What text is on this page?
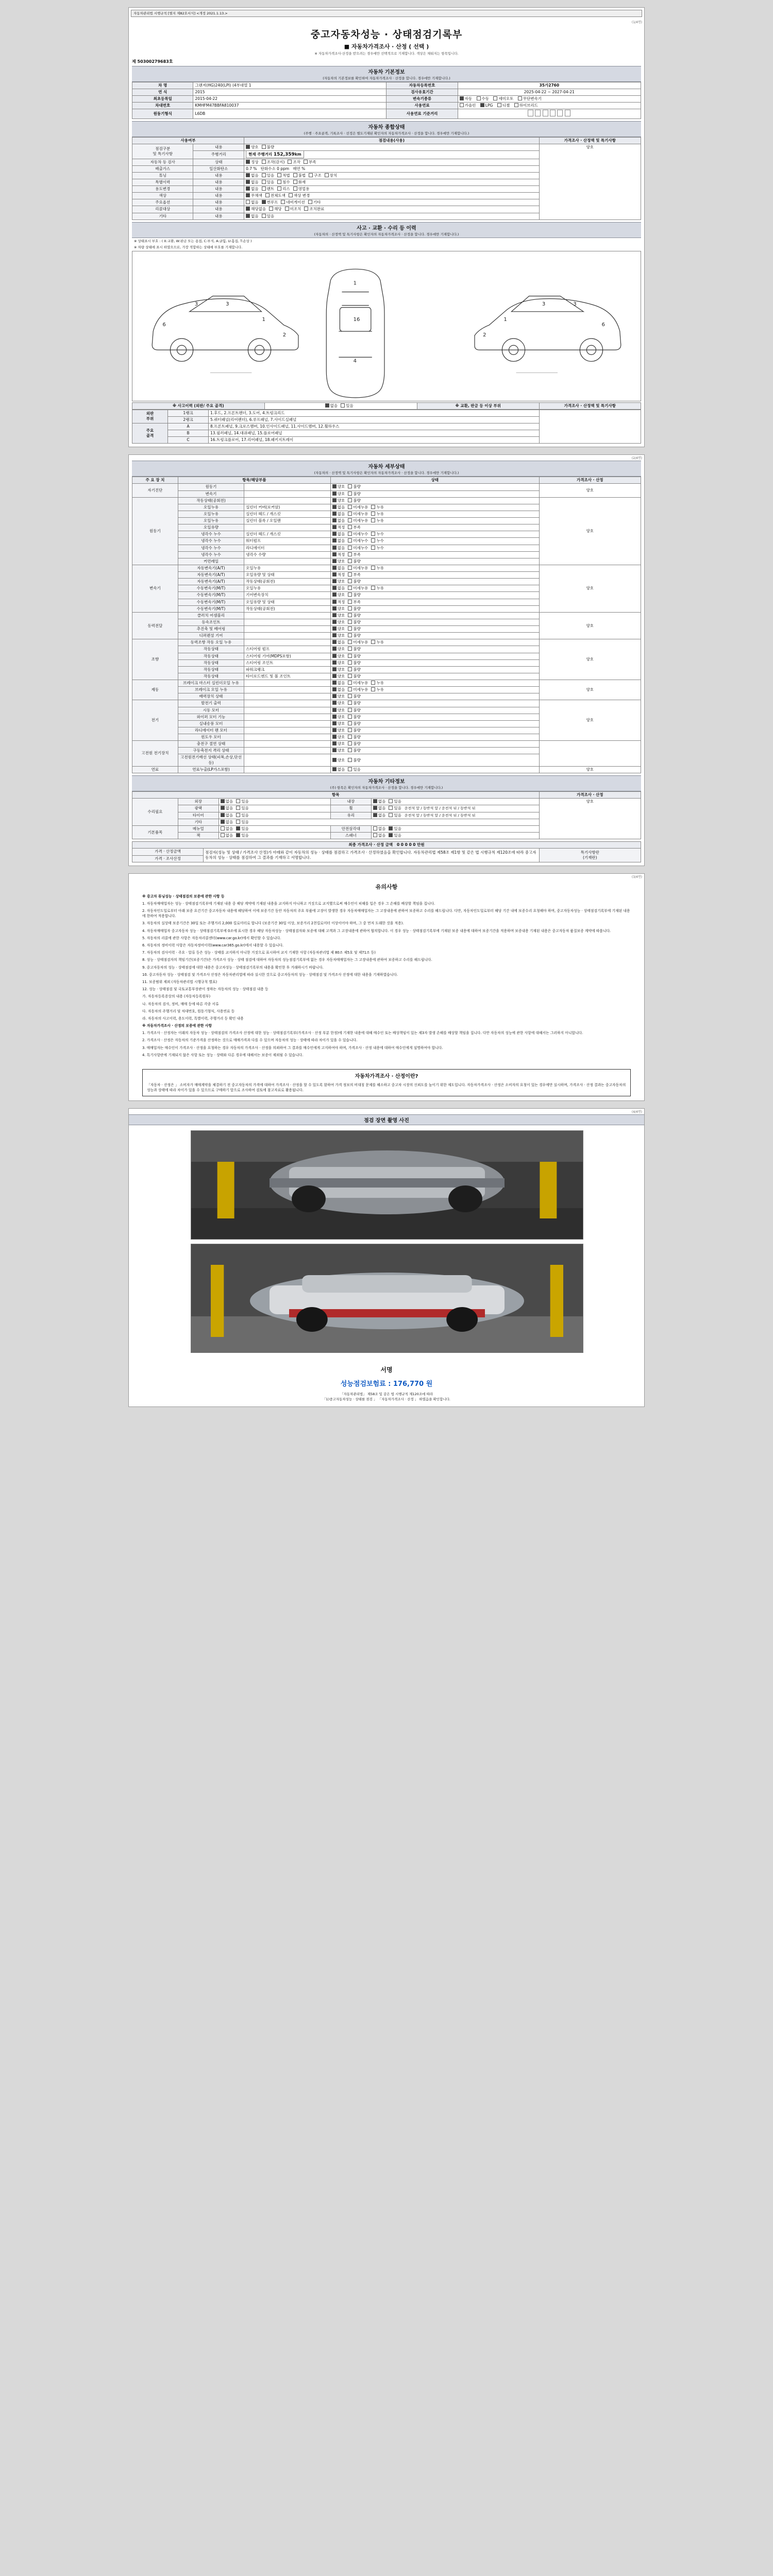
자동차관리법 시행규칙 [별지 제82호서식] <개정 2021.1.13.>
(1/4면)
중고자동차성능 · 상태점검기록부
■ 자동차가격조사 · 산정 ( 선택 )
※ 자동차가격조사·산정을 받으려는 경우에만 선택적으로 기재합니다. 색상은 채워지는 항목입니다.
제 50300279683호
자동차 기본정보
(자동차의 기본정보를 확인하여 자동차가격조사 · 산정을 합니다. 경우에만 기재합니다.)
차 명	그랜저(HG)240(LPI) (4부대열 1	자동차등록번호	35가2760
연 식	2015	검사유효기간	2025-04-22 ~ 2027-04-21
최초등록일	2015-04-22	변속기종류	자동 수동 세미오토 무단변속기
차대번호	KMHFM47BBFA810037	사용연료	가솔린 LPG 디젤 하이브리드
원동기형식	L6DB	사용연료 기준거리	
자동차 종합상태
(주행 · 주요골격, 기록조사 · 선정은 별도기재된 확인자의 자동차가격조사 · 산정을 합니다. 경우에만 기재합니다.)
사용여부		점검내용(사용)	가격조사 · 산정액 및 특기사항
점검구분
및 특기사항	내용	양호 불량	양호
	주행거리	현재 주행거리 152,359km	
자동차 등 검사	상태	정상 조작(감지) 조작 부족	
배출가스	일산화탄소	0.7 %   탄화수소 0 ppm   매연 %	
튜닝	내용	없음 있음 적법 불법 구조 장치	
특별이력	내용	없음 있음 침수 화재	
용도변경	내용	없음 렌트 리스 영업용	
색상	내용	무채색 전체도색 색상 변경	
주요옵션	내용	없음 썬루프 네비게이션 기타	
리콜대상	내용	해당없음 해당 미조치 조치완료	
기타	내용	없음 있음	
사고 · 교환 · 수리 등 이력
(자동차의 · 산정액 및 특기사항은 확인자의 자동차가격조사 · 산정을 합니다. 경우에만 기재합니다.)
※ 상태표시 부호 : ( X:교환, W:판금 또는 용접, C:부식, A:긁힘, U:흠집, T:손상 )
※ 차량 상태에 표시 하였으므로, 가장 적합하는 상태에 부호를 기재합니다.
6
3	3
1
2
1
16
4
6
3
3
1
2
※ 사고이력 (외판/ 주요 골격)	없음 있음	※ 교환, 판금 등 이상 부위	가격조사 · 산정액 및 특기사항
외판
부위	1랭크	1.후드, 2.프론트펜더, 3.도어, 4.트렁크리드	
	2랭크	5.쿼터패널(리어펜더), 6.루프패널, 7.사이드실패널	
주요
골격	A	8.프론트패널, 9.크로스멤버, 10.인사이드패널, 11.사이드멤버, 12.휠하우스	
	B	13.필러패널, 14.대쉬패널, 15.플로어패널	
	C	16.트렁크플로어, 17.리어패널, 18.패키지트레이	
(2/4면)
자동차 세부상태
(자동차의 · 산정액 및 특기사항은 확인자의 자동차가격조사 · 산정을 합니다. 경우에만 기재합니다.)
주 요 장 치	항목/해당부품		상태	가격조사 · 산정
자기진단	원동기		양호 불량	양호
	변속기		양호 불량	
원동기	작동상태(공회전)		양호 불량	양호
	오일누유	실린더 커버(로커암)	없음 미세누유 누유	
	오일누유	실린더 헤드 / 개스킷	없음 미세누유 누유	
	오일누유	실린더 블록 / 오일팬	없음 미세누유 누유	
	오일유량		적정 부족	
	냉각수 누수	실린더 헤드 / 개스킷	없음 미세누수 누수	
	냉각수 누수	워터펌프	없음 미세누수 누수	
	냉각수 누수	라디에이터	없음 미세누수 누수	
	냉각수 누수	냉각수 수량	적정 부족	
	커먼레일		양호 불량	
변속기	자동변속기(A/T)	오일누유	없음 미세누유 누유	양호
	자동변속기(A/T)	오일유량 및 상태	적정 부족	
	자동변속기(A/T)	작동상태(공회전)	양호 불량	
	수동변속기(M/T)	오일누유	없음 미세누유 누유	
	수동변속기(M/T)	기어변속장치	양호 불량	
	수동변속기(M/T)	오일유량 및 상태	적정 부족	
	수동변속기(M/T)	작동상태(공회전)	양호 불량	
동력전달	클러치 어셈블리		양호 불량	양호
	등속조인트		양호 불량	
	추진축 및 베어링		양호 불량	
	디퍼렌셜 기어		양호 불량	
조향	동력조향 작동 오일 누유		없음 미세누유 누유	양호
	작동상태	스티어링 펌프	양호 불량	
	작동상태	스티어링 기어(MDPS포함)	양호 불량	
	작동상태	스티어링 조인트	양호 불량	
	작동상태	파워크랭크	양호 불량	
	작동상태	타이로드엔드 및 볼 조인트	양호 불량	
제동	브레이크 마스터 실린더오일 누유		없음 미세누유 누유	양호
	브레이크 오일 누유		없음 미세누유 누유	
	배력장치 상태		양호 불량	
전기	발전기 출력		양호 불량	양호
	시동 모터		양호 불량	
	와이퍼 모터 기능		양호 불량	
	실내송풍 모터		양호 불량	
	라디에이터 팬 모터		양호 불량	
	윈도우 모터		양호 불량	
고전원 전기장치	충전구 절연 상태		양호 불량	
	구동축전지 격리 상태		양호 불량	
	고전원전기배선 상태(피복,손상,단선 등)		양호 불량	
연료	연료누출(LP가스포함)		없음 있음	양호
자동차 기타정보
(주) 항목은 확인자의 자동차가격조사 · 산정을 합니다. 경우에만 기재합니다.)
항목					가격조사 · 산정
수리필요	외장	없음 있음	내장	없음 있음	양호
	광택	없음 있음	휠	없음 있음 운전석 앞 / 동반석 앞 / 운전석 뒤 / 동반석 뒤	
	타이어	없음 있음	유리	없음 있음 운전석 앞 / 동반석 앞 / 운전석 뒤 / 동반석 뒤	
	기타	없음 있음			
기본품목	메뉴얼	없음 있음	안전삼각대	없음 있음	
	잭	없음 있음	스패너	없음 있음	
최종 가격조사 · 산정 금액 0 0 0 0 0 만원
가격 · 산정금액	점검자(성능 및 상태 / 가격조사 산정)가 아래와 같이 자동차의 성능 · 상태를 점검하고 가격조사 · 산정하였음을 확인합니다. 자동차관리법 제58조 제1항 및 같은 법 시행규칙 제120조에 따라 중고자동차의 성능 · 상태를 점검하여 그 결과를 기재하고 서명합니다.	특기사항란
(기재란)
가격 · 조사산정
(3/4면)
유의사항

※ 중고차 튜닝성능 · 상태점검의 보증에 관한 사항 등

1. 자동차매매업자는 성능 · 상태점검기록부에 기재된 내용 중 해당 계약에 기재된 내용을 교지하지 아니하고 거짓으로 교지했으로써 매수인이 피해를 입은 경우 그 손해를 배상할 책임을 집니다.

2. 자동차인도일로부터 아래 보증 요건기간 중고자동차 내용에 해당하여 이에 보증기간 동안 자동차의 주요 부품에 고장이 발생한 경우 자동차매매업자는 그 고장내용에 관하여 보증하고 수리를 해드립니다. 다만, 자동차인도일로부터 해당 기간 내에 보증수리 요청해야 하며, 중고자동차성능 · 상태점검기록부에 기재된 내용에 한하여 적용합니다.

3. 자동차의 실상태 보증기간은 30일 또는 주행거리 2,000 킬로미터로 합니다 (보증기간 30일 이상, 보증거리 2천킬로미터 이상이어야 하며, 그 중 먼저 도래한 것을 적용).

4. 자동차매매업자 중고자동차 성능 · 상태점검기록부에 0조에 표시한 경우 해당 자동차성능 · 상태점검자와 보증에 대해 고객과 그 고장내용에 관하여 협의합니다. 이 경우 성능 · 상태점검기록부에 기재된 보증 내용에 대하여 보증기간을 적용하며 보증내용 기재된 내용은 중고자동차 품질보증 계약에 따릅니다.

5. 자동차의 리콜에 관한 사항은 자동차리콜센터(www.car.go.kr)에서 확인할 수 있습니다.

6. 자동차의 정비이력 사항은 자동차정비이력(www.car365.go.kr)에서 내용할 수 있습니다.

7. 자동차의 검사이력 · 주요 · 압류 등은 성능 · 상태를 교지하지 아니한 거짓으로 표시하여 교지 기재한 사항 (자동차관리법 제 80조 제5호 및 제71조 등)

8. 성능 · 상태점검자의 책임기간(보증기간)은 가격조사 성능 · 상태 점검에 대하여 자동차의 성능점검기록부에 없는 경우 자동차매매업자는 그 고장내용에 관하여 보증하고 수리를 해드립니다.

9. 중고자동차의 성능 · 상태점검에 대한 내용은 중고차성능 · 상태점검기록부의 내용을 확인한 후 거래하시기 바랍니다.

10. 중고자동차 성능 · 상태점검 및 가격조사 산정은 자동차관리법에 따라 실시한 것으로 중고자동차의 성능 · 상태점검 및 가격조사 산정에 대한 내용을 기재하였습니다.

11. 보증범위 제외 (자동차관리법 시행규칙 별표)

12. 성능 · 상태점검 및 국토교통부장관이 정하는 자동차의 성능 · 상태점검 내용 등

가. 자동차등록증상의 내용 (자동차등록원부)

나. 자동차의 검사, 정비, 매매 등에 따른 각종 서류

다. 자동차의 주행거리 및 차대번호, 원동기형식, 사용연료 등

라. 자동차의 사고이력, 용도이력, 특별이력, 주행거리 등 확인 내용

※ 자동차가격조사 · 산정의 보증에 관한 사항

1. 가격조사 · 산정자는 이래의 자동차 성능 · 상태점검의 가격조사 산정에 대한 성능 · 상태점검기록부(가격조사 · 산정 부분 한정)에 기재한 내용에 대해 매수인 또는 배상책임이 있는 제3자 발생 손해를 배상할 책임을 집니다. 다만 자동차의 성능에 관한 사항에 대해서는 그러하지 아니합니다.

2. 가격조사 · 산정은 자동차의 기준가격을 산정하는 것으로 매매가격과 다를 수 있으며 자동차의 성능 · 상태에 따라 차이가 있을 수 있습니다.

3. 매매업자는 매수인이 가격조사 · 산정을 요청하는 경우 자동차의 가격조사 · 산정을 의뢰하여 그 결과를 매수인에게 고지하여야 하며, 가격조사 · 산정 내용에 대하여 매수인에게 설명하여야 합니다.

4. 특기사항란에 기재되지 않은 사항 또는 성능 · 상태와 다른 경우에 대해서는 보증이 제외될 수 있습니다.

자동차가격조사 · 산정이란?
「자동차 · 산정은 」 소비자가 매매계약을 체결하기 전 중고자동차의 가격에 대하여 가격조사 · 산정을 할 수 있도록 함하여 가격 정보의 비대칭 문제를 해소하고 중고차 시장의 신뢰도를 높이기 위한 제도입니다. 자동차가격조사 · 산정은 소비자의 요청이 있는 경우에만 실시하며, 가격조사 · 산정 결과는 중고자동차의 성능과 상태에 따라 차이가 있을 수 있으므로 구매하기 앞으로 조사하여 검토에 참고자료로 활용됩니다.
(4/4면)
점검 장면 촬영 사진
서명
성능점검보험료 : 176,770 원
「자동차관리법」 제58조 및 같은 법 시행규칙 제120조에 따라
「1)중고자동차성능 · 상태를 점검 」 「자동차가격조사 · 산정 」 하였음을 확인합니다.
